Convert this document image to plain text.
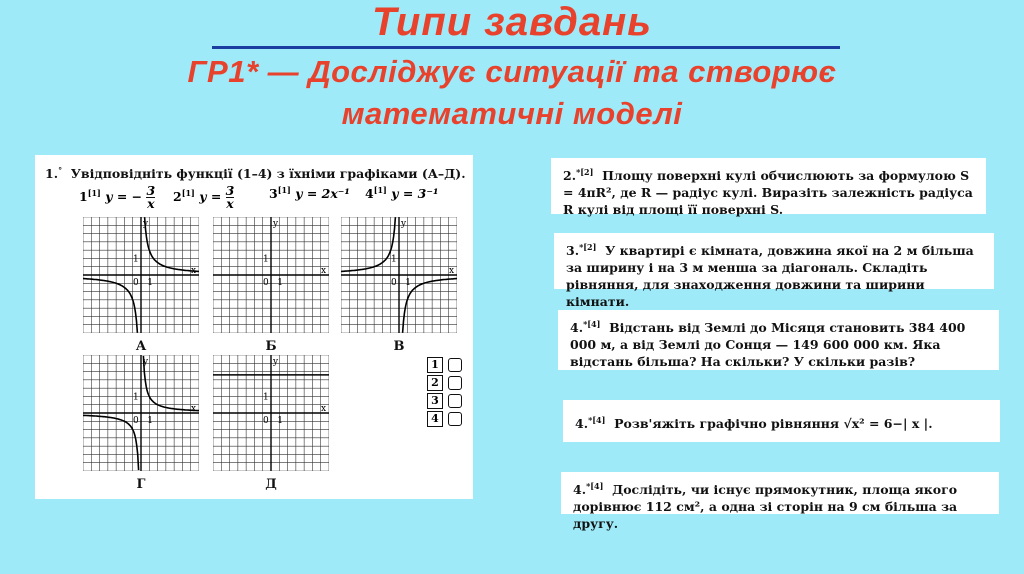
Типи завдань
ГР1* — Досліджує ситуації та створює
математичні моделі
1.° Увідповідніть функції (1–4) з їхніми графіками (А–Д).
1[1] y = − $\frac{3}{x} 2[1]$ $y = \frac{3}{x}$	3[1] y = 2x⁻¹ 4[1] y = 3⁻¹
y
x
1
0 1
y
x
1
0 1
y
x
1
0 1
y
x
1
0 1
y
x
1
0 1
А	Б	В
Г	Д
1
2
3
4
2.$^{*[2]}$ Площу поверхні кулі обчислюють за формулою S = 4πR², де R — радіус кулі. Виразіть залежність радіуса R кулі від площі її поверхні S.
3.$^{*[2]}$ У квартирі є кімната, довжина якої на 2 м більша за ширину і на 3 м менша за діагональ. Складіть рівняння, для знаходження довжини та ширини кімнати.
4.$^{*[4]}$ Відстань від Землі до Місяця становить 384 400 000 м, а від Землі до Сонця — 149 600 000 км. Яка відстань більша? На скільки? У скільки разів?
4.$^{*[4]}$ Розв'яжіть графічно рівняння √x² = 6−| x |.
4.$^{*[4]}$ Дослідіть, чи існує прямокутник, площа якого дорівнює 112 см², а одна зі сторін на 9 см більша за другу.
